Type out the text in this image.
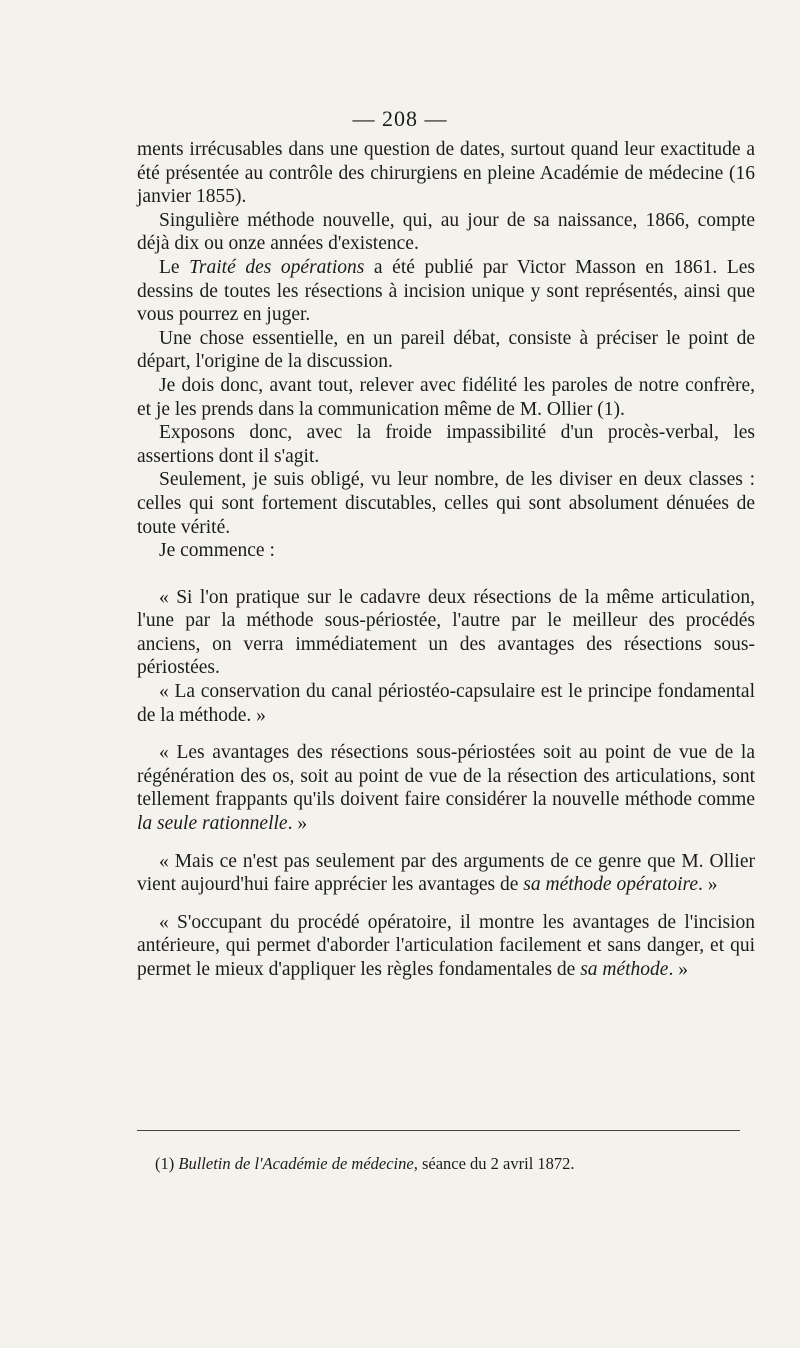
— 208 —

ments irrécusables dans une question de dates, surtout quand leur exactitude a été présentée au contrôle des chirurgiens en pleine Académie de médecine (16 janvier 1855).

Singulière méthode nouvelle, qui, au jour de sa naissance, 1866, compte déjà dix ou onze années d'existence.

Le Traité des opérations a été publié par Victor Masson en 1861. Les dessins de toutes les résections à incision unique y sont représentés, ainsi que vous pourrez en juger.

Une chose essentielle, en un pareil débat, consiste à préciser le point de départ, l'origine de la discussion.

Je dois donc, avant tout, relever avec fidélité les paroles de notre confrère, et je les prends dans la communication même de M. Ollier (1).

Exposons donc, avec la froide impassibilité d'un procès-verbal, les assertions dont il s'agit.

Seulement, je suis obligé, vu leur nombre, de les diviser en deux classes : celles qui sont fortement discutables, celles qui sont absolument dénuées de toute vérité.

Je commence :

« Si l'on pratique sur le cadavre deux résections de la même articulation, l'une par la méthode sous-périostée, l'autre par le meilleur des procédés anciens, on verra immédiatement un des avantages des résections sous-périostées.

« La conservation du canal périostéo-capsulaire est le principe fondamental de la méthode. »

« Les avantages des résections sous-périostées soit au point de vue de la régénération des os, soit au point de vue de la résection des articulations, sont tellement frappants qu'ils doivent faire considérer la nouvelle méthode comme la seule rationnelle. »

« Mais ce n'est pas seulement par des arguments de ce genre que M. Ollier vient aujourd'hui faire apprécier les avantages de sa méthode opératoire. »

« S'occupant du procédé opératoire, il montre les avantages de l'incision antérieure, qui permet d'aborder l'articulation facilement et sans danger, et qui permet le mieux d'appliquer les règles fondamentales de sa méthode. »

(1) Bulletin de l'Académie de médecine, séance du 2 avril 1872.
